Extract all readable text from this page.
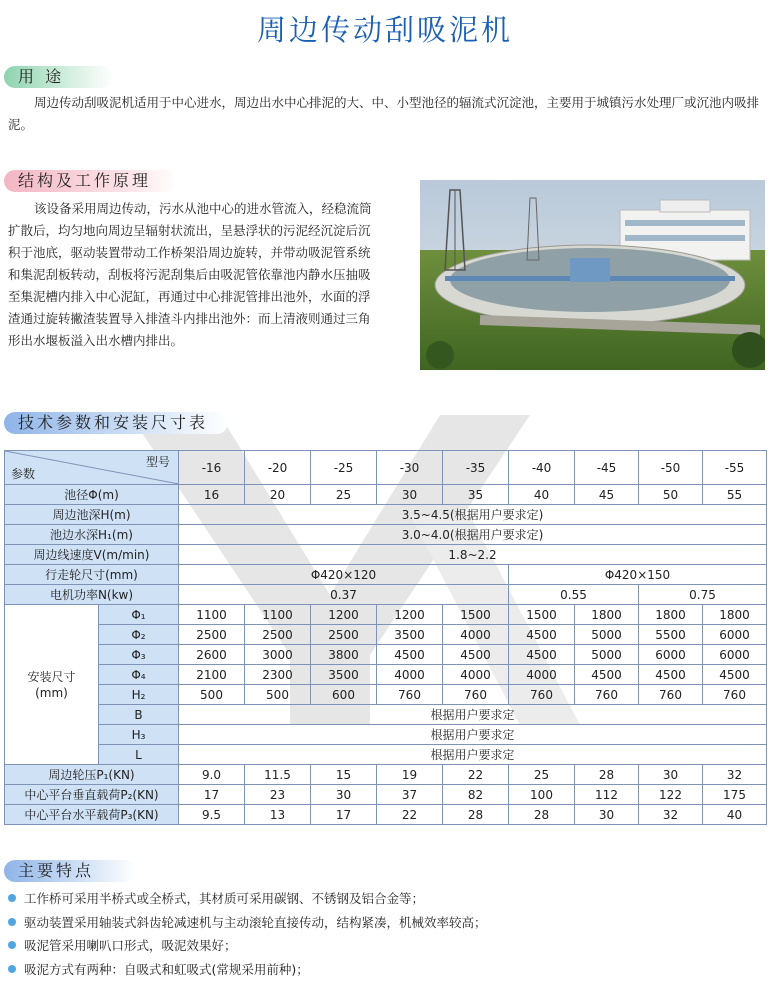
周边传动刮吸泥机
用 途
周边传动刮吸泥机适用于中心进水，周边出水中心排泥的大、中、小型池径的辐流式沉淀池，主要用于城镇污水处理厂或沉池内吸排泥。
结构及工作原理
该设备采用周边传动，污水从池中心的进水管流入，经稳流筒扩散后，均匀地向周边呈辐射状流出，呈悬浮状的污泥经沉淀后沉积于池底，驱动装置带动工作桥架沿周边旋转，并带动吸泥管系统和集泥刮板转动，刮板将污泥刮集后由吸泥管依靠池内静水压抽吸至集泥槽内排入中心泥缸，再通过中心排泥管排出池外，水面的浮渣通过旋转撇渣装置导入排渣斗内排出池外：而上清液则通过三角形出水堰板溢入出水槽内排出。
技术参数和安装尺寸表
型号
参数		-16	-20	-25	-30	-35	-40	-45	-50	-55
池径Φ(m)		16	20	25	30	35	40	45	50	55
周边池深H(m)		3.5~4.5(根据用户要求定)								
池边水深H₁(m)		3.0~4.0(根据用户要求定)								
周边线速度V(m/min)		1.8~2.2								
行走轮尺寸(mm)		Φ420×120					Φ420×150			
电机功率N(kw)		0.37					0.55		0.75	
安装尺寸
(mm)	Φ₁	1100	1100	1200	1200	1500	1500	1800	1800	1800
	Φ₂	2500	2500	2500	3500	4000	4500	5000	5500	6000
	Φ₃	2600	3000	3800	4500	4500	4500	5000	6000	6000
	Φ₄	2100	2300	3500	4000	4000	4000	4500	4500	4500
	H₂	500	500	600	760	760	760	760	760	760
	B	根据用户要求定								
	H₃	根据用户要求定								
	L	根据用户要求定								
周边轮压P₁(KN)		9.0	11.5	15	19	22	25	28	30	32
中心平台垂直载荷P₂(KN)		17	23	30	37	82	100	112	122	175
中心平台水平载荷P₃(KN)		9.5	13	17	22	28	28	30	32	40
主要特点
工作桥可采用半桥式或全桥式，其材质可采用碳钢、不锈钢及铝合金等；
驱动装置采用轴装式斜齿轮减速机与主动滚轮直接传动，结构紧凑，机械效率较高；
吸泥管采用喇叭口形式，吸泥效果好；
吸泥方式有两种：自吸式和虹吸式(常规采用前种)；
